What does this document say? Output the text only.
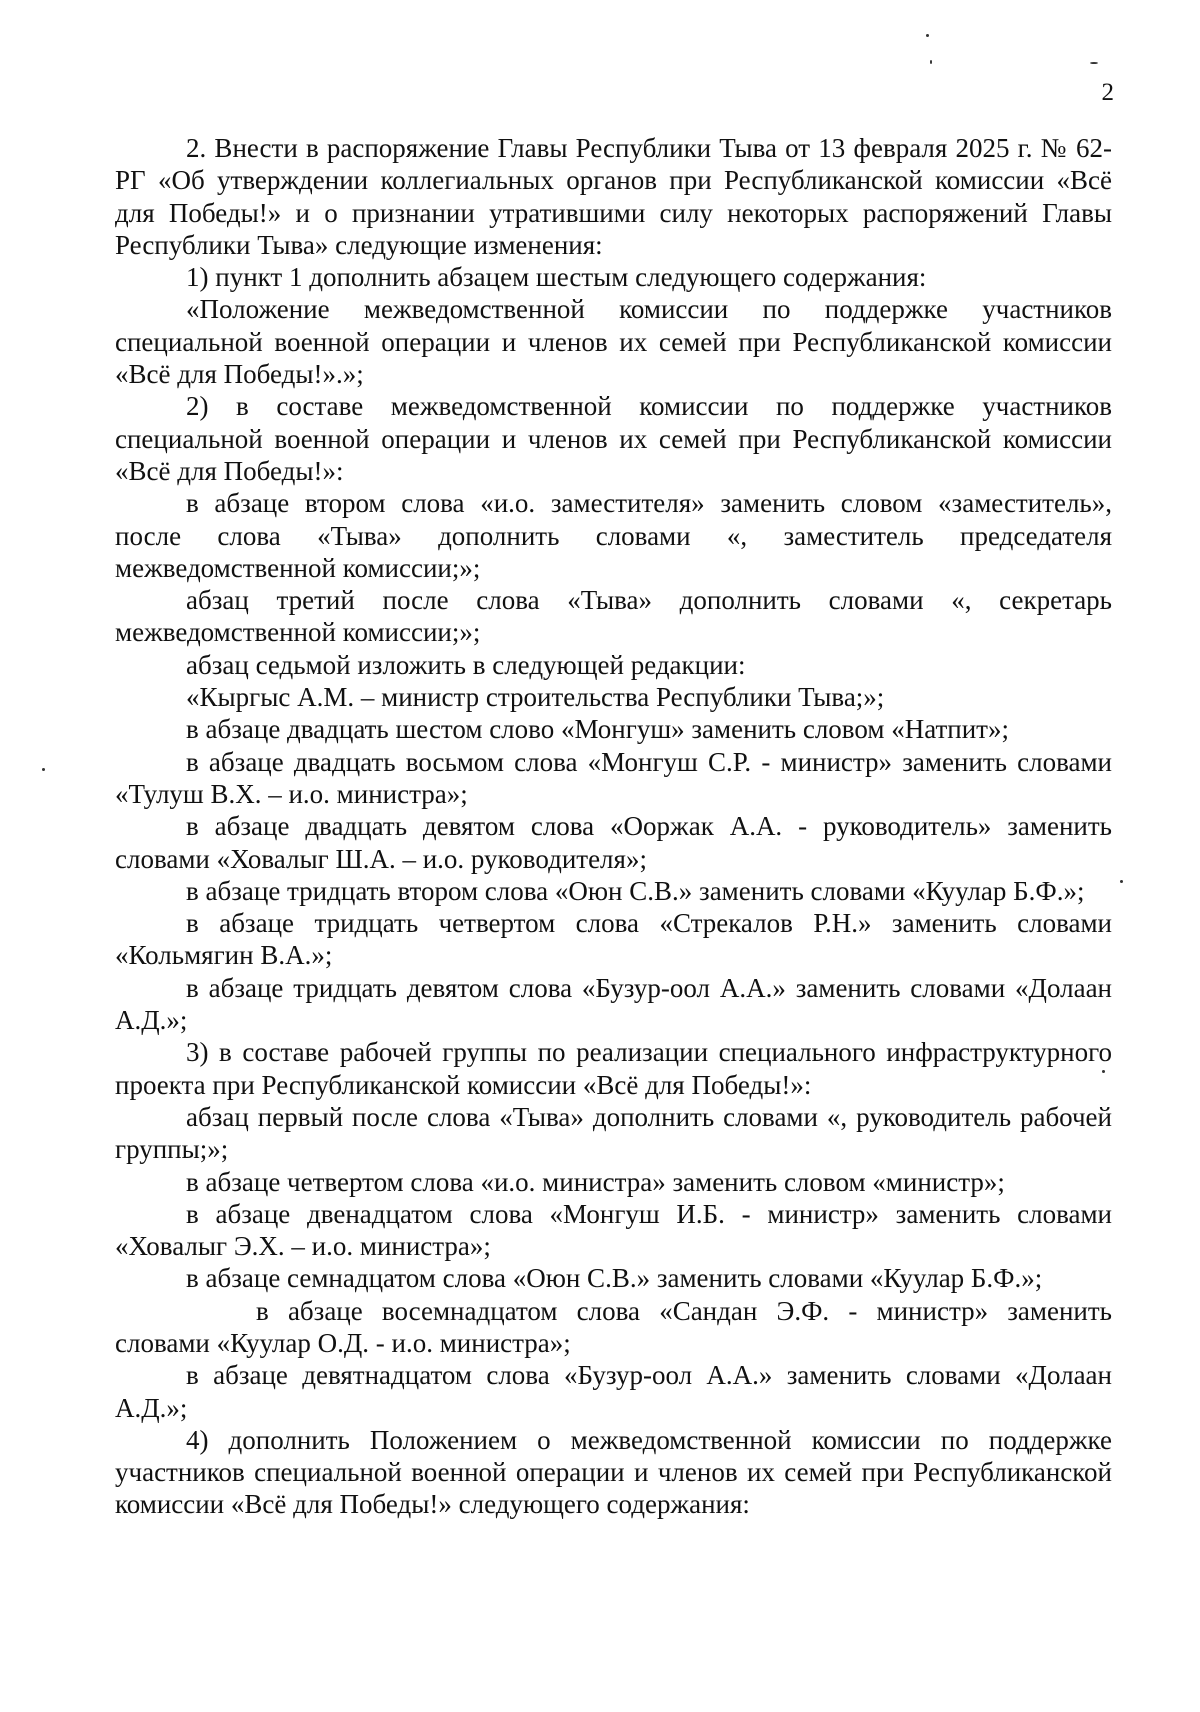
2

2. Внести в распоряжение Главы Республики Тыва от 13 февраля 2025 г. № 62-РГ «Об утверждении коллегиальных органов при Республиканской комиссии «Всё для Победы!» и о признании утратившими силу некоторых распоряжений Главы Республики Тыва» следующие изменения:

1) пункт 1 дополнить абзацем шестым следующего содержания:

«Положение межведомственной комиссии по поддержке участников специальной военной операции и членов их семей при Республиканской комиссии «Всё для Победы!».»;

2) в составе межведомственной комиссии по поддержке участников специальной военной операции и членов их семей при Республиканской комиссии «Всё для Победы!»:

в абзаце втором слова «и.о. заместителя» заменить словом «заместитель», после слова «Тыва» дополнить словами «, заместитель председателя межведомственной комиссии;»;

абзац третий после слова «Тыва» дополнить словами «, секретарь межведомственной комиссии;»;

абзац седьмой изложить в следующей редакции:

«Кыргыс А.М. – министр строительства Республики Тыва;»;

в абзаце двадцать шестом слово «Монгуш» заменить словом «Натпит»;

в абзаце двадцать восьмом слова «Монгуш С.Р. - министр» заменить словами «Тулуш В.Х. – и.о. министра»;

в абзаце двадцать девятом слова «Ооржак А.А. - руководитель» заменить словами «Ховалыг Ш.А. – и.о. руководителя»;

в абзаце тридцать втором слова «Оюн С.В.» заменить словами «Куулар Б.Ф.»;

в абзаце тридцать четвертом слова «Стрекалов Р.Н.» заменить словами «Кольмягин В.А.»;

в абзаце тридцать девятом слова «Бузур-оол А.А.» заменить словами «Долаан А.Д.»;

3) в составе рабочей группы по реализации специального инфраструктурного проекта при Республиканской комиссии «Всё для Победы!»:

абзац первый после слова «Тыва» дополнить словами «, руководитель рабочей группы;»;

в абзаце четвертом слова «и.о. министра» заменить словом «министр»;

в абзаце двенадцатом слова «Монгуш И.Б. - министр» заменить словами «Ховалыг Э.Х. – и.о. министра»;

в абзаце семнадцатом слова «Оюн С.В.» заменить словами «Куулар Б.Ф.»;

в абзаце восемнадцатом слова «Сандан Э.Ф. - министр» заменить словами «Куулар О.Д. - и.о. министра»;

в абзаце девятнадцатом слова «Бузур-оол А.А.» заменить словами «Долаан А.Д.»;

4) дополнить Положением о межведомственной комиссии по поддержке участников специальной военной операции и членов их семей при Республиканской комиссии «Всё для Победы!» следующего содержания:
